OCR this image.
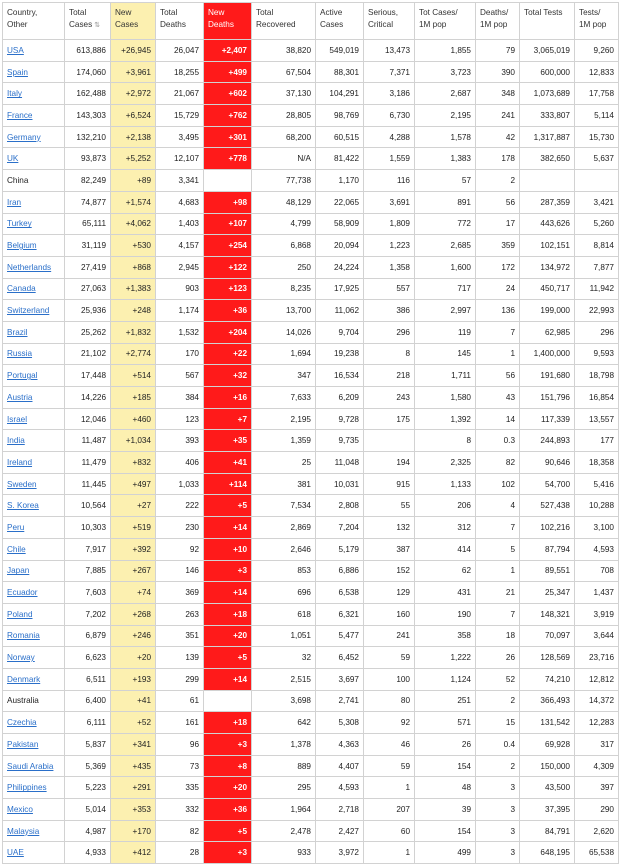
Country, Other	Total Cases ⇅	New Cases	Total Deaths	New Deaths	Total Recovered	Active Cases	Serious, Critical	Tot Cases/ 1M pop	Deaths/ 1M pop	Total Tests	Tests/ 1M pop
USA	613,886	+26,945	26,047	+2,407	38,820	549,019	13,473	1,855	79	3,065,019	9,260
Spain	174,060	+3,961	18,255	+499	67,504	88,301	7,371	3,723	390	600,000	12,833
Italy	162,488	+2,972	21,067	+602	37,130	104,291	3,186	2,687	348	1,073,689	17,758
France	143,303	+6,524	15,729	+762	28,805	98,769	6,730	2,195	241	333,807	5,114
Germany	132,210	+2,138	3,495	+301	68,200	60,515	4,288	1,578	42	1,317,887	15,730
UK	93,873	+5,252	12,107	+778	N/A	81,422	1,559	1,383	178	382,650	5,637
China	82,249	+89	3,341		77,738	1,170	116	57	2		
Iran	74,877	+1,574	4,683	+98	48,129	22,065	3,691	891	56	287,359	3,421
Turkey	65,111	+4,062	1,403	+107	4,799	58,909	1,809	772	17	443,626	5,260
Belgium	31,119	+530	4,157	+254	6,868	20,094	1,223	2,685	359	102,151	8,814
Netherlands	27,419	+868	2,945	+122	250	24,224	1,358	1,600	172	134,972	7,877
Canada	27,063	+1,383	903	+123	8,235	17,925	557	717	24	450,717	11,942
Switzerland	25,936	+248	1,174	+36	13,700	11,062	386	2,997	136	199,000	22,993
Brazil	25,262	+1,832	1,532	+204	14,026	9,704	296	119	7	62,985	296
Russia	21,102	+2,774	170	+22	1,694	19,238	8	145	1	1,400,000	9,593
Portugal	17,448	+514	567	+32	347	16,534	218	1,711	56	191,680	18,798
Austria	14,226	+185	384	+16	7,633	6,209	243	1,580	43	151,796	16,854
Israel	12,046	+460	123	+7	2,195	9,728	175	1,392	14	117,339	13,557
India	11,487	+1,034	393	+35	1,359	9,735		8	0.3	244,893	177
Ireland	11,479	+832	406	+41	25	11,048	194	2,325	82	90,646	18,358
Sweden	11,445	+497	1,033	+114	381	10,031	915	1,133	102	54,700	5,416
S. Korea	10,564	+27	222	+5	7,534	2,808	55	206	4	527,438	10,288
Peru	10,303	+519	230	+14	2,869	7,204	132	312	7	102,216	3,100
Chile	7,917	+392	92	+10	2,646	5,179	387	414	5	87,794	4,593
Japan	7,885	+267	146	+3	853	6,886	152	62	1	89,551	708
Ecuador	7,603	+74	369	+14	696	6,538	129	431	21	25,347	1,437
Poland	7,202	+268	263	+18	618	6,321	160	190	7	148,321	3,919
Romania	6,879	+246	351	+20	1,051	5,477	241	358	18	70,097	3,644
Norway	6,623	+20	139	+5	32	6,452	59	1,222	26	128,569	23,716
Denmark	6,511	+193	299	+14	2,515	3,697	100	1,124	52	74,210	12,812
Australia	6,400	+41	61		3,698	2,741	80	251	2	366,493	14,372
Czechia	6,111	+52	161	+18	642	5,308	92	571	15	131,542	12,283
Pakistan	5,837	+341	96	+3	1,378	4,363	46	26	0.4	69,928	317
Saudi Arabia	5,369	+435	73	+8	889	4,407	59	154	2	150,000	4,309
Philippines	5,223	+291	335	+20	295	4,593	1	48	3	43,500	397
Mexico	5,014	+353	332	+36	1,964	2,718	207	39	3	37,395	290
Malaysia	4,987	+170	82	+5	2,478	2,427	60	154	3	84,791	2,620
UAE	4,933	+412	28	+3	933	3,972	1	499	3	648,195	65,538
